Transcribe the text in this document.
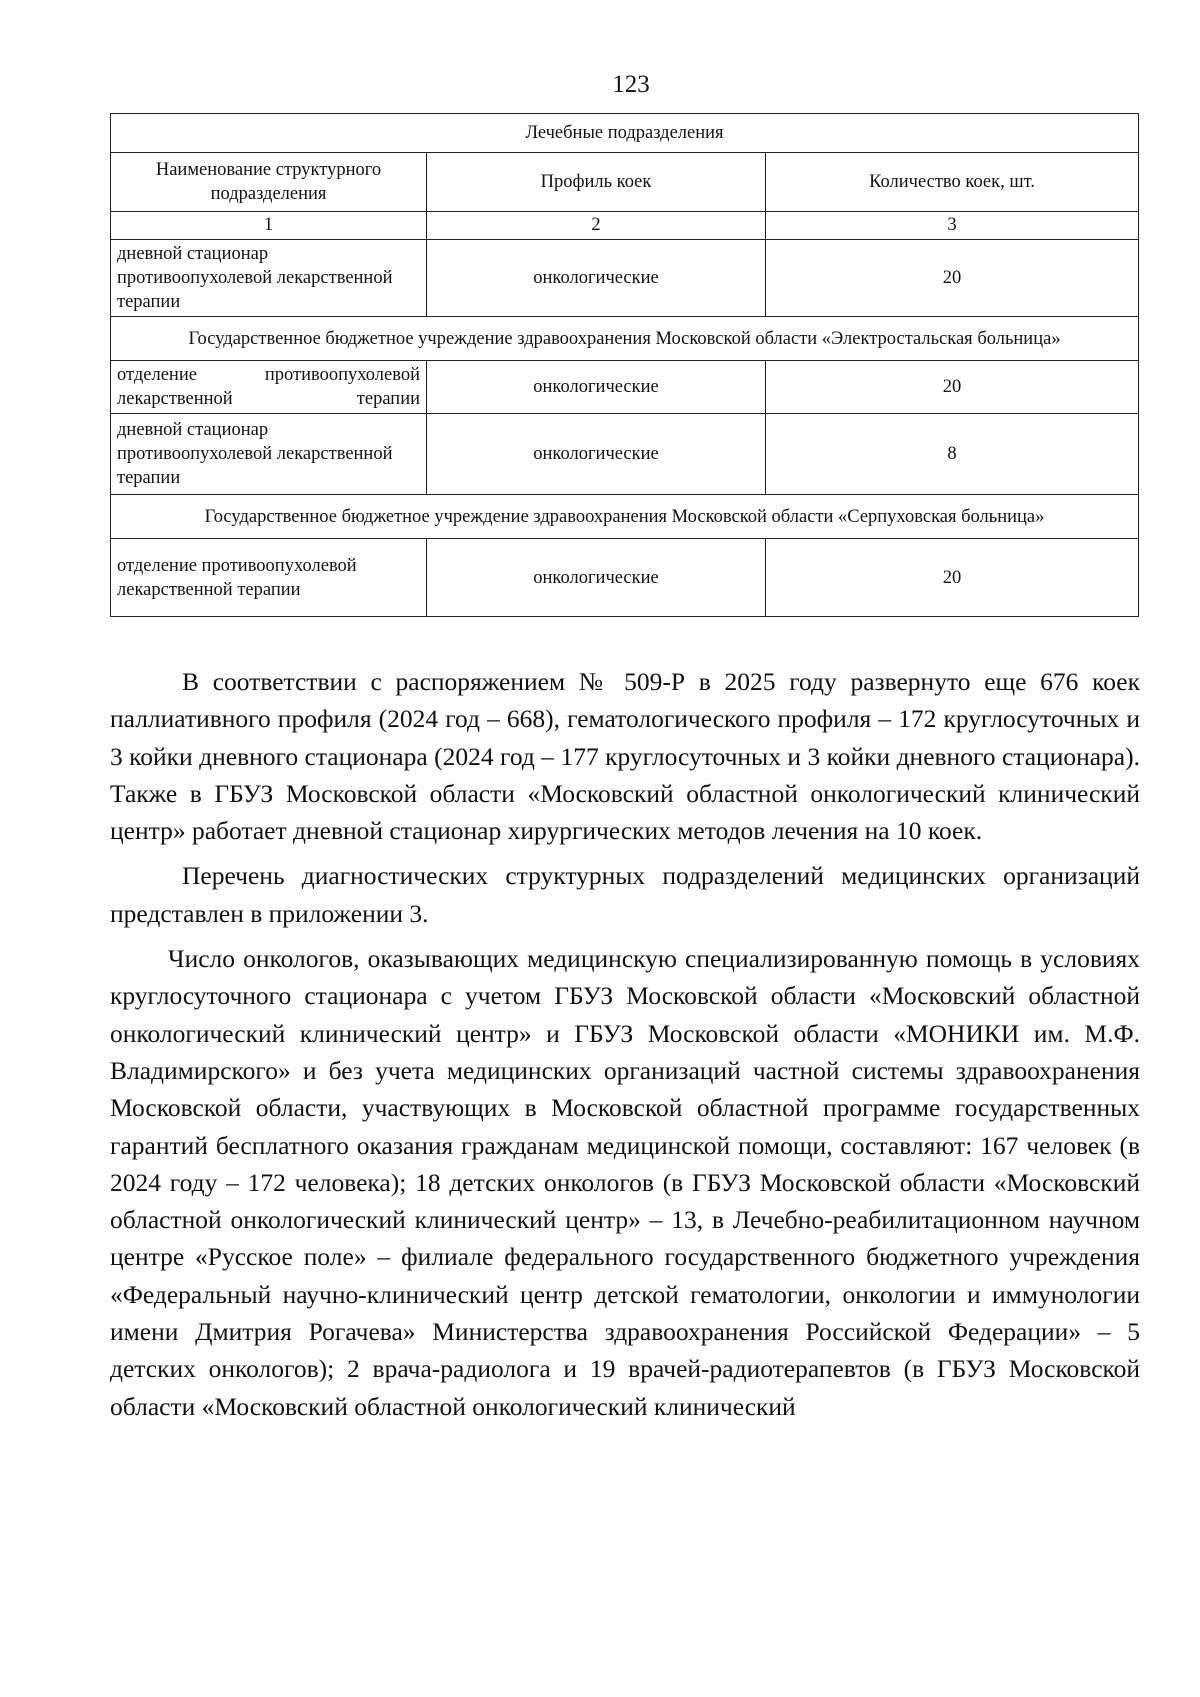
123
Лечебные подразделения		
Наименование структурного подразделения	Профиль коек	Количество коек, шт.
1	2	3
дневной стационар противоопухолевой лекарственной терапии	онкологические	20
Государственное бюджетное учреждение здравоохранения Московской области «Электростальская больница»		
отделение противоопухолевой лекарственной терапии	онкологические	20
дневной стационар противоопухолевой лекарственной терапии	онкологические	8
Государственное бюджетное учреждение здравоохранения Московской области «Серпуховская больница»		
отделение противоопухолевой лекарственной терапии	онкологические	20

В соответствии с распоряжением № 509-Р в 2025 году развернуто еще 676 коек паллиативного профиля (2024 год – 668), гематологического профиля – 172 круглосуточных и 3 койки дневного стационара (2024 год – 177 круглосуточных и 3 койки дневного стационара). Также в ГБУЗ Московской области «Московский областной онкологический клинический центр» работает дневной стационар хирургических методов лечения на 10 коек.

Перечень диагностических структурных подразделений медицинских организаций представлен в приложении 3.

Число онкологов, оказывающих медицинскую специализированную помощь в условиях круглосуточного стационара с учетом ГБУЗ Московской области «Московский областной онкологический клинический центр» и ГБУЗ Московской области «МОНИКИ им. М.Ф. Владимирского» и без учета медицинских организаций частной системы здравоохранения Московской области, участвующих в Московской областной программе государственных гарантий бесплатного оказания гражданам медицинской помощи, составляют: 167 человек (в 2024 году – 172 человека); 18 детских онкологов (в ГБУЗ Московской области «Московский областной онкологический клинический центр» – 13, в Лечебно-реабилитационном научном центре «Русское поле» – филиале федерального государственного бюджетного учреждения «Федеральный научно-клинический центр детской гематологии, онкологии и иммунологии имени Дмитрия Рогачева» Министерства здравоохранения Российской Федерации» – 5 детских онкологов); 2 врача-радиолога и 19 врачей-радиотерапевтов (в ГБУЗ Московской области «Московский областной онкологический клинический
